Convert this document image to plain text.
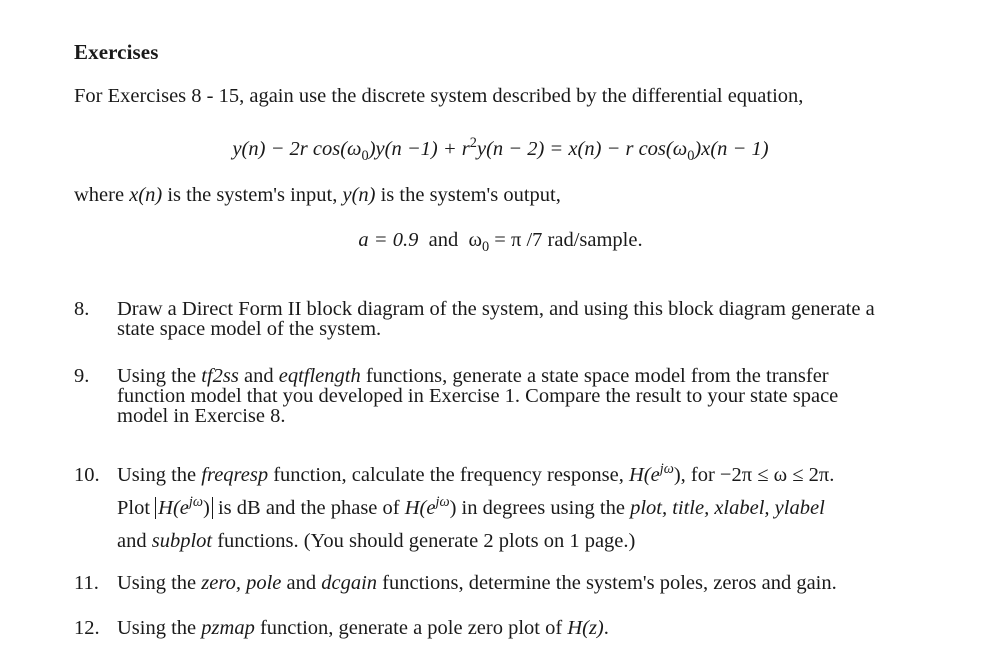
Exercises
For Exercises 8 - 15, again use the discrete system described by the differential equation,
y(n) − 2r $\cos(\omega_0)y(n -1) + r^2y(n - 2) = x(n) - r$ $\cos(\omega_0)x(n - 1)$
where x(n) is the system's input, y(n) is the system's output,
a = 0.9 and $\omega_0 = \pi$ /7 rad/sample.
8.	Draw a Direct Form II block diagram of the system, and using this block diagram generate a
state space model of the system.
9.	Using the tf2ss and eqtflength functions, generate a state space model from the transfer
function model that you developed in Exercise 1. Compare the result to your state space
model in Exercise 8.
10. Using the freqresp function, calculate the frequency response, $H(e^{j\omega})$, for −2π ≤ ω ≤ 2π.
Plot $H(e^{j\omega})$ is dB and the phase of $H(e^{j\omega})$ in degrees using the plot, title, xlabel, ylabel
and subplot functions. (You should generate 2 plots on 1 page.)
11. Using the zero, pole and dcgain functions, determine the system's poles, zeros and gain.
12. Using the pzmap function, generate a pole zero plot of H(z).
